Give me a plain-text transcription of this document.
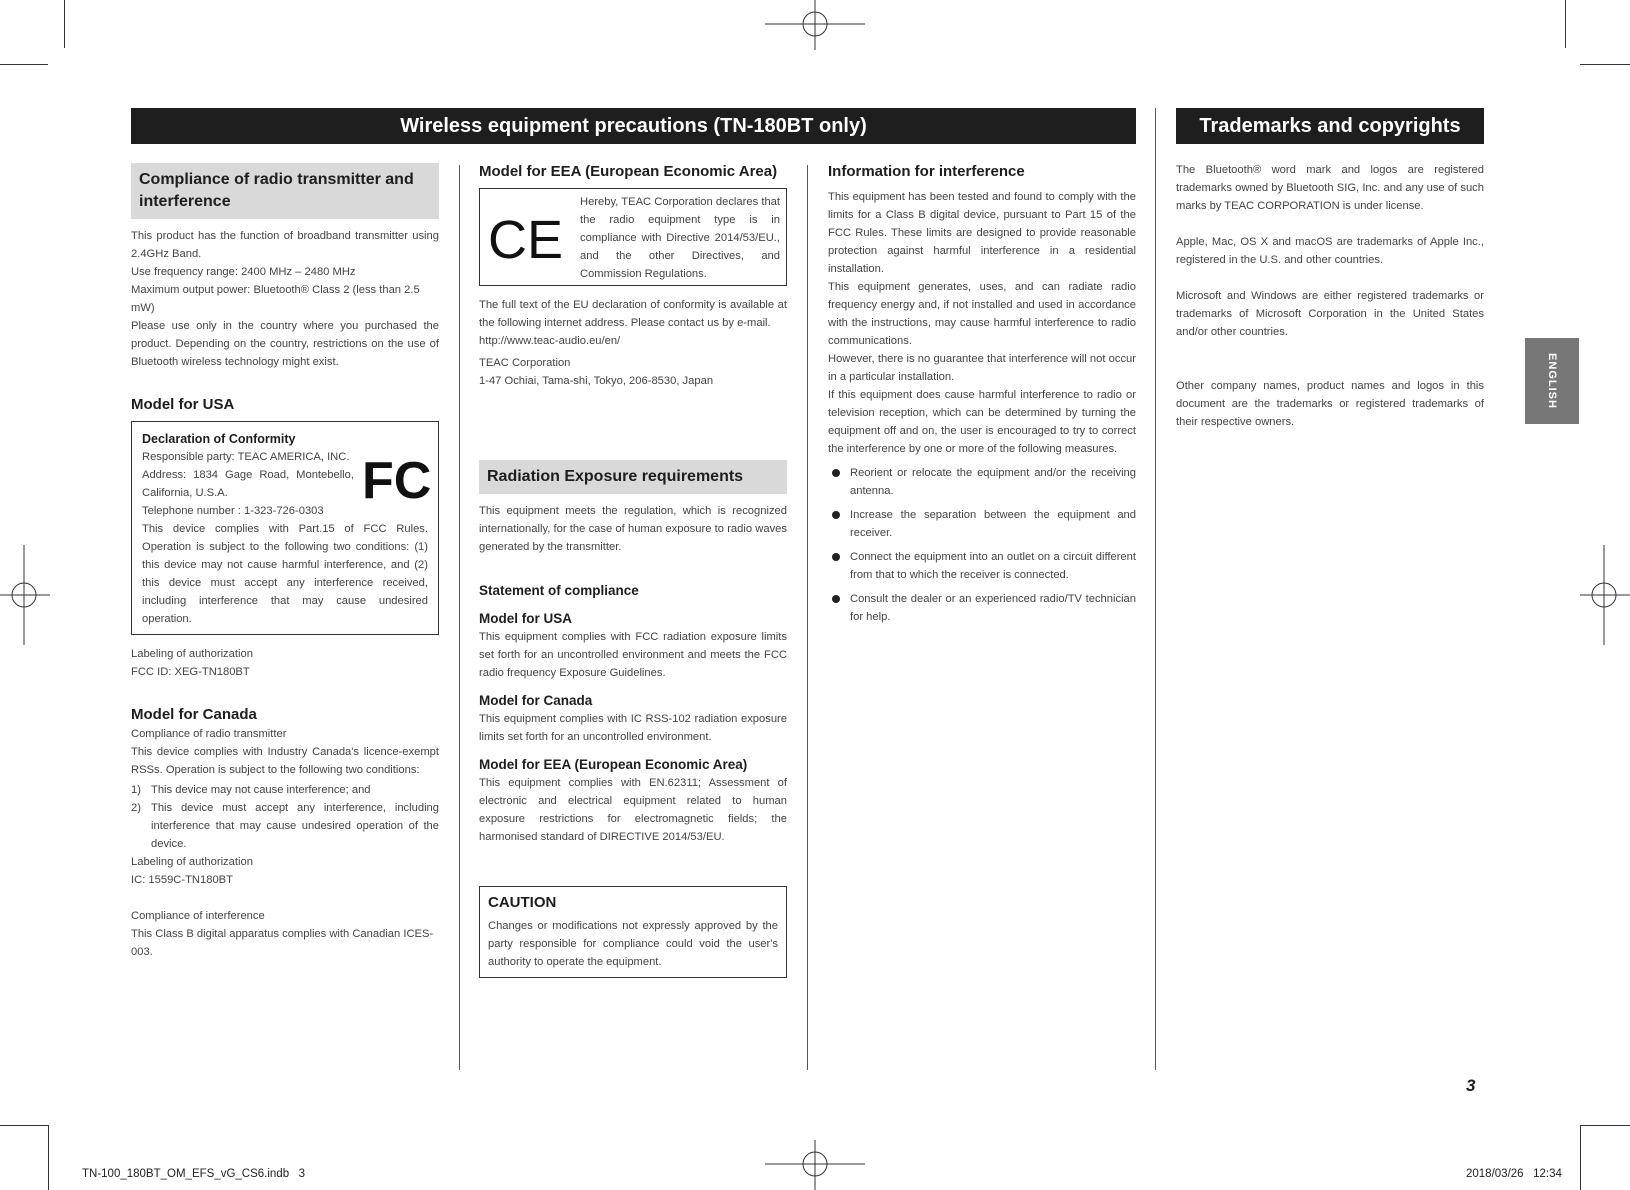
Wireless equipment precautions (TN-180BT only)	Trademarks and copyrights
ENGLISH
Compliance of radio transmitter and interference

This product has the function of broadband transmitter using 2.4GHz Band.

Use frequency range: 2400 MHz – 2480 MHz

Maximum output power: Bluetooth® Class 2 (less than 2.5 mW)

Please use only in the country where you purchased the product. Depending on the country, restrictions on the use of Bluetooth wireless technology might exist.

Model for USA
Declaration of Conformity
FC

Responsible party: TEAC AMERICA, INC.

Address: 1834 Gage Road, Montebello, California, U.S.A.

Telephone number : 1-323-726-0303

This device complies with Part.15 of FCC Rules. Operation is subject to the following two conditions: (1) this device may not cause harmful interference, and (2) this device must accept any interference received, including interference that may cause undesired operation.

Labeling of authorization

FCC ID: XEG-TN180BT

Model for Canada

Compliance of radio transmitter

This device complies with Industry Canada's licence-exempt RSSs. Operation is subject to the following two conditions:

1) This device may not cause interference; and
2) This device must accept any interference, including interference that may cause undesired operation of the device.

Labeling of authorization

IC: 1559C-TN180BT

Compliance of interference

This Class B digital apparatus complies with Canadian ICES-003.

Model for EEA (European Economic Area)
CE

Hereby, TEAC Corporation declares that the radio equipment type is in compliance with Directive 2014/53/EU., and the other Directives, and Commission Regulations.

The full text of the EU declaration of conformity is available at the following internet address. Please contact us by e-mail.

http://www.teac-audio.eu/en/

TEAC Corporation

1-47 Ochiai, Tama-shi, Tokyo, 206-8530, Japan

Radiation Exposure requirements

This equipment meets the regulation, which is recognized internationally, for the case of human exposure to radio waves generated by the transmitter.

Statement of compliance
Model for USA

This equipment complies with FCC radiation exposure limits set forth for an uncontrolled environment and meets the FCC radio frequency Exposure Guidelines.

Model for Canada

This equipment complies with IC RSS-102 radiation exposure limits set forth for an uncontrolled environment.

Model for EEA (European Economic Area)

This equipment complies with EN.62311; Assessment of electronic and electrical equipment related to human exposure restrictions for electromagnetic fields; the harmonised standard of DIRECTIVE 2014/53/EU.

CAUTION

Changes or modifications not expressly approved by the party responsible for compliance could void the user's authority to operate the equipment.

Information for interference

This equipment has been tested and found to comply with the limits for a Class B digital device, pursuant to Part 15 of the FCC Rules. These limits are designed to provide reasonable protection against harmful interference in a residential installation.

This equipment generates, uses, and can radiate radio frequency energy and, if not installed and used in accordance with the instructions, may cause harmful interference to radio communications.

However, there is no guarantee that interference will not occur in a particular installation.

If this equipment does cause harmful interference to radio or television reception, which can be determined by turning the equipment off and on, the user is encouraged to try to correct the interference by one or more of the following measures.

Reorient or relocate the equipment and/or the receiving antenna.
Increase the separation between the equipment and receiver.
Connect the equipment into an outlet on a circuit different from that to which the receiver is connected.
Consult the dealer or an experienced radio/TV technician for help.

The Bluetooth® word mark and logos are registered trademarks owned by Bluetooth SIG, Inc. and any use of such marks by TEAC CORPORATION is under license.

Apple, Mac, OS X and macOS are trademarks of Apple Inc., registered in the U.S. and other countries.

Microsoft and Windows are either registered trademarks or trademarks of Microsoft Corporation in the United States and/or other countries.

Other company names, product names and logos in this document are the trademarks or registered trademarks of their respective owners.

3
TN-100_180BT_OM_EFS_vG_CS6.indb   3	2018/03/26   12:34
